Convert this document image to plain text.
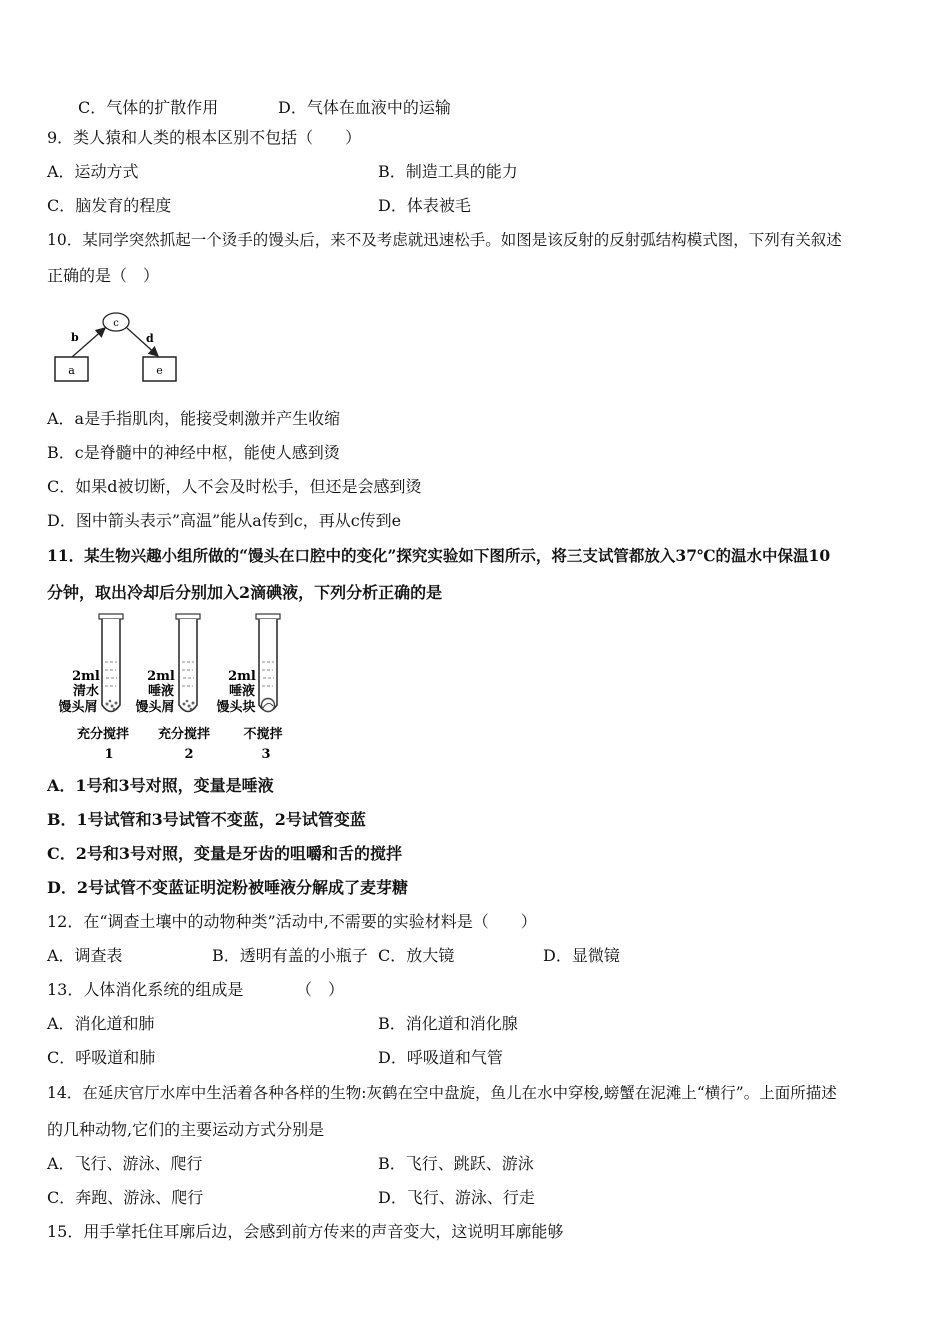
C．气体的扩散作用	D．气体在血液中的运输
9．类人猿和人类的根本区别不包括（　　）
A．运动方式	B．制造工具的能力
C．脑发育的程度	D．体表被毛
10．某同学突然抓起一个烫手的馒头后，来不及考虑就迅速松手。如图是该反射的反射弧结构模式图，下列有关叙述
正确的是（　）
a
b
c
d
e
A．a是手指肌肉，能接受刺激并产生收缩
B．c是脊髓中的神经中枢，能使人感到烫
C．如果d被切断，人不会及时松手，但还是会感到烫
D．图中箭头表示”高温”能从a传到c，再从c传到e
11．某生物兴趣小组所做的“馒头在口腔中的变化”探究实验如下图所示，将三支试管都放入37℃的温水中保温10
分钟，取出冷却后分别加入2滴碘液，下列分析正确的是
2ml
清水
馒头屑
充分搅拌
1
2ml
唾液
馒头屑
充分搅拌
2
2ml
唾液
馒头块
不搅拌
3
A．1号和3号对照，变量是唾液
B．1号试管和3号试管不变蓝，2号试管变蓝
C．2号和3号对照，变量是牙齿的咀嚼和舌的搅拌
D．2号试管不变蓝证明淀粉被唾液分解成了麦芽糖
12．在“调查土壤中的动物种类”活动中,不需要的实验材料是（　　）
A．调查表	B．透明有盖的小瓶子 C．放大镜	D．显微镜
13．人体消化系统的组成是	（　）
A．消化道和肺	B．消化道和消化腺
C．呼吸道和肺	D．呼吸道和气管
14．在延庆官厅水库中生活着各种各样的生物:灰鹤在空中盘旋，鱼儿在水中穿梭,螃蟹在泥滩上“横行”。上面所描述
的几种动物,它们的主要运动方式分别是
A．飞行、游泳、爬行	B．飞行、跳跃、游泳
C．奔跑、游泳、爬行	D．飞行、游泳、行走
15．用手掌托住耳廓后边，会感到前方传来的声音变大，这说明耳廓能够
